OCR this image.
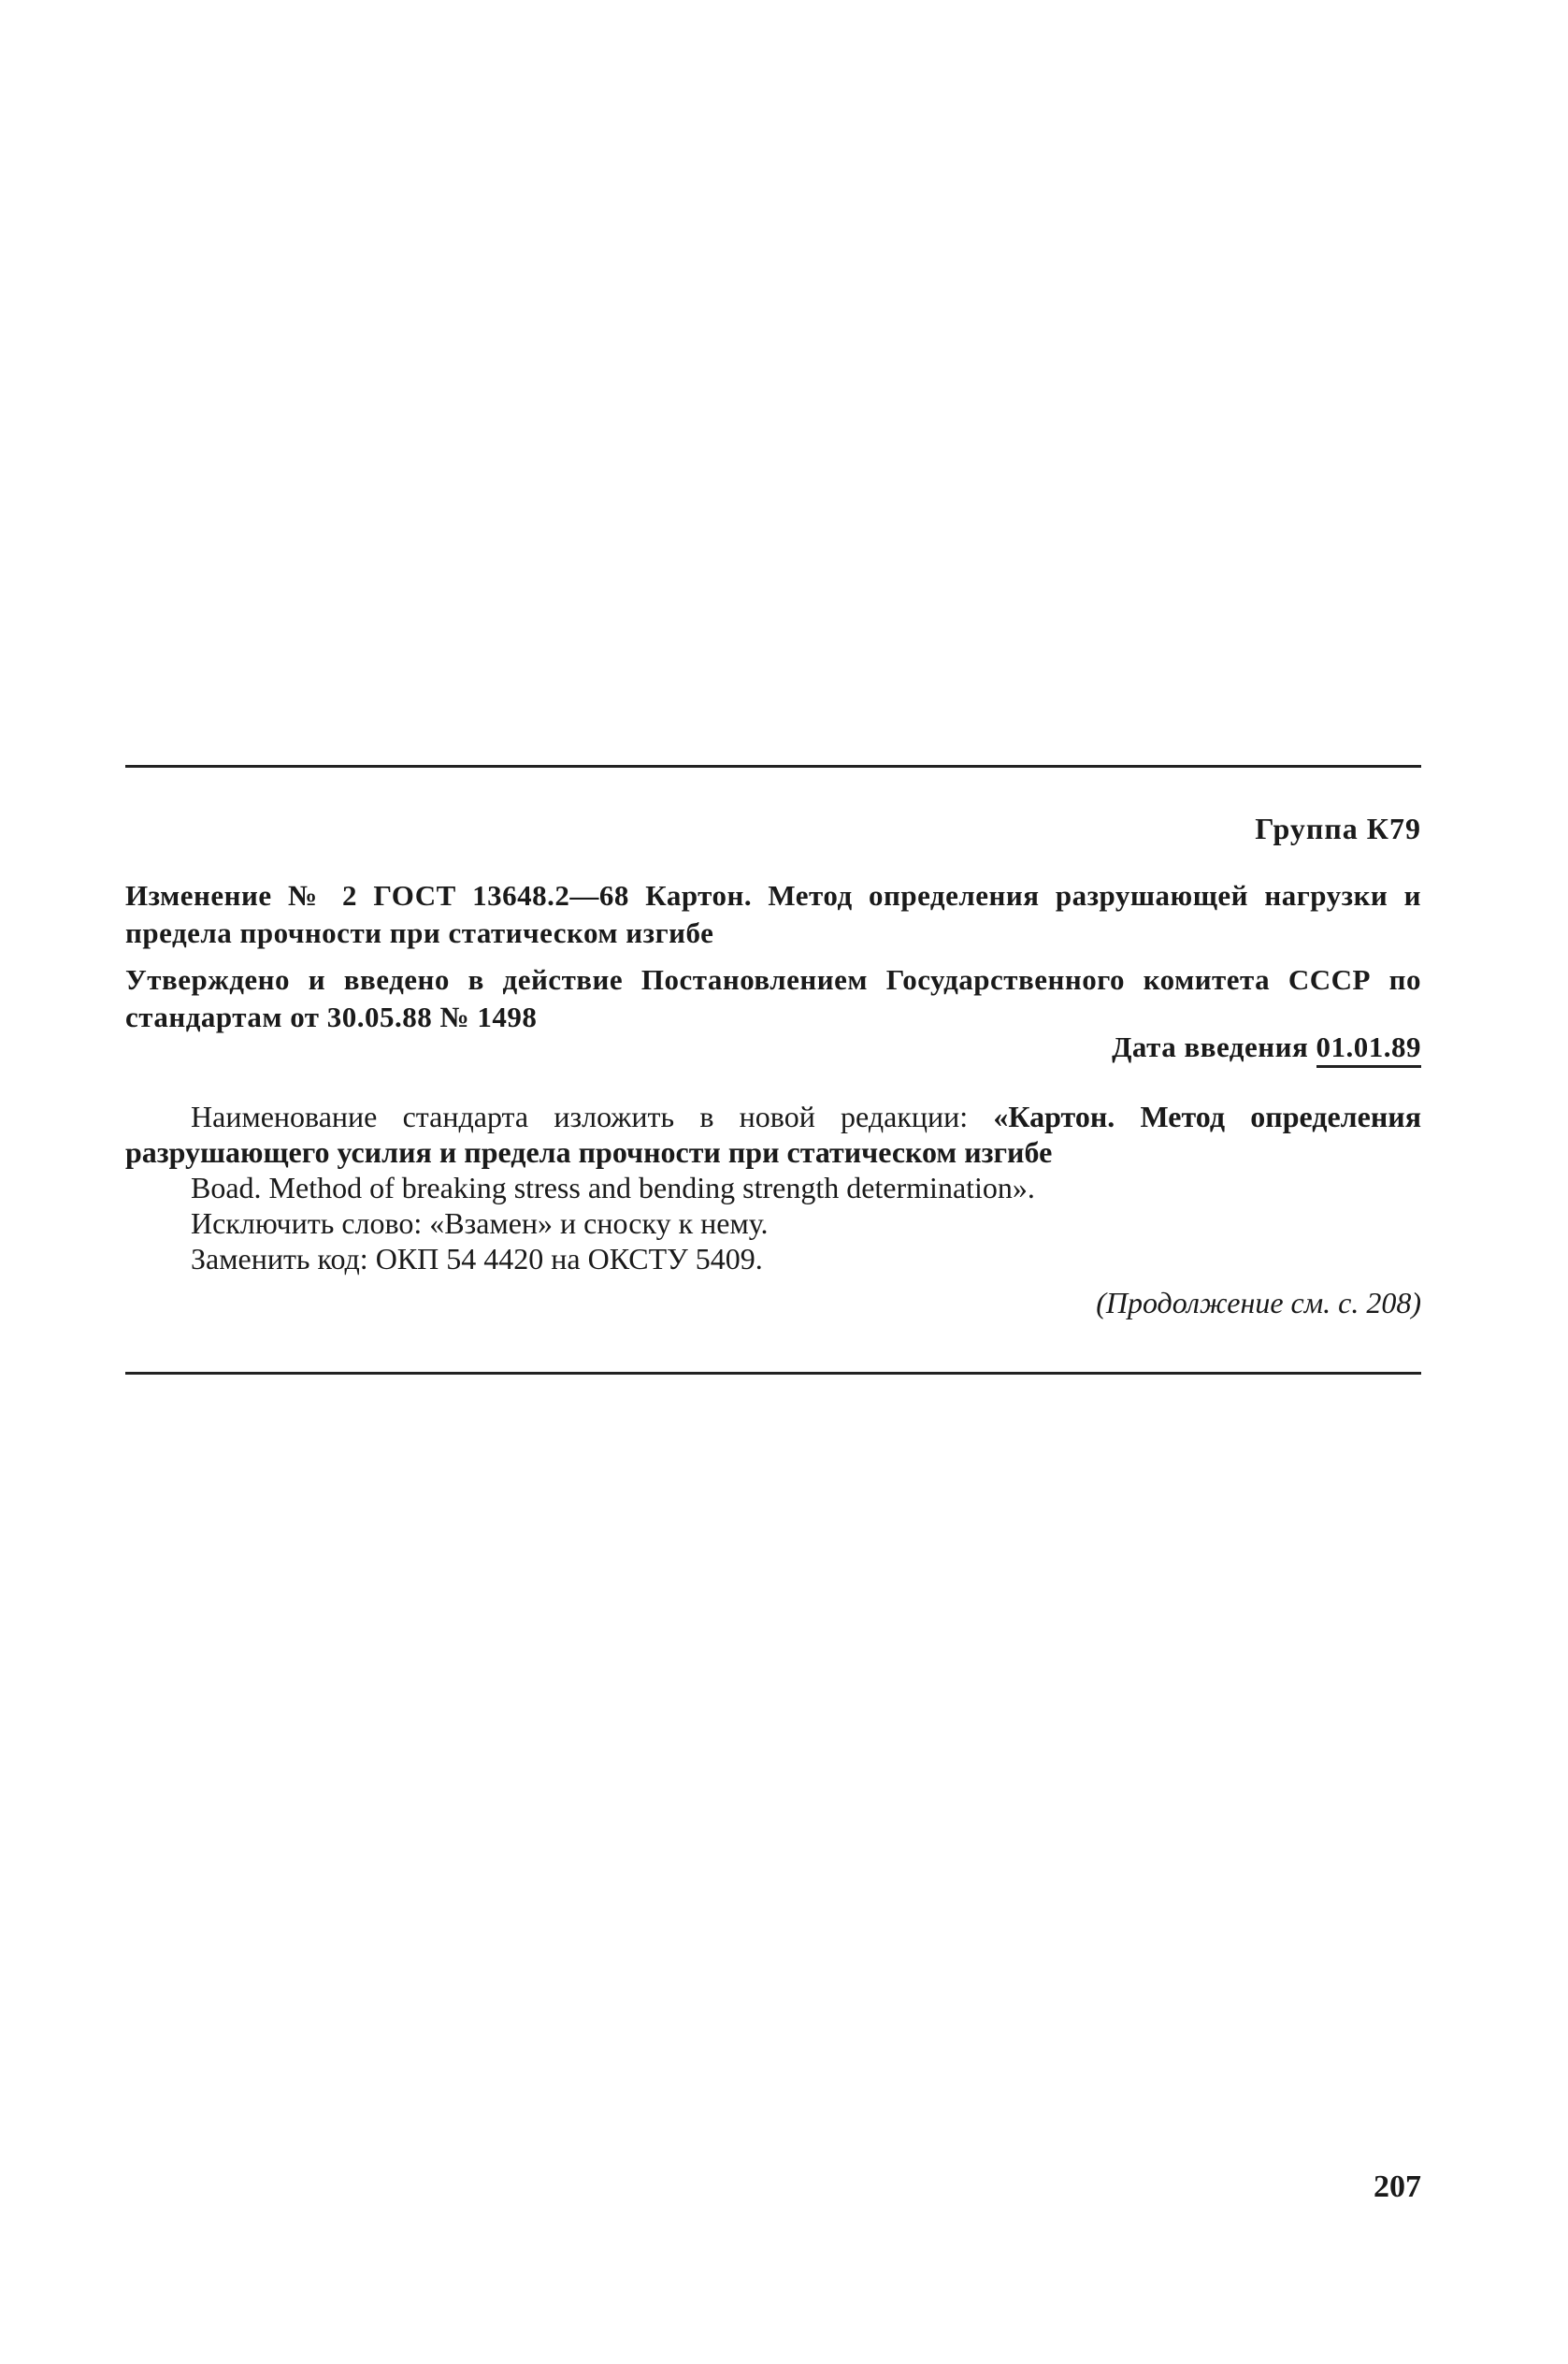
Группа К79
Изменение № 2 ГОСТ 13648.2—68 Картон. Метод определения разрушающей нагрузки и предела прочности при статическом изгибе
Утверждено и введено в действие Постановлением Государственного комитета СССР по стандартам от 30.05.88 № 1498
Дата введения 01.01.89

Наименование стандарта изложить в новой редакции: «Картон. Метод определения разрушающего усилия и предела прочности при статическом изгибе

Boad. Method of breaking stress and bending strength determination».

Исключить слово: «Взамен» и сноску к нему.

Заменить код: ОКП 54 4420 на ОКСТУ 5409.

(Продолжение см. с. 208)
207
